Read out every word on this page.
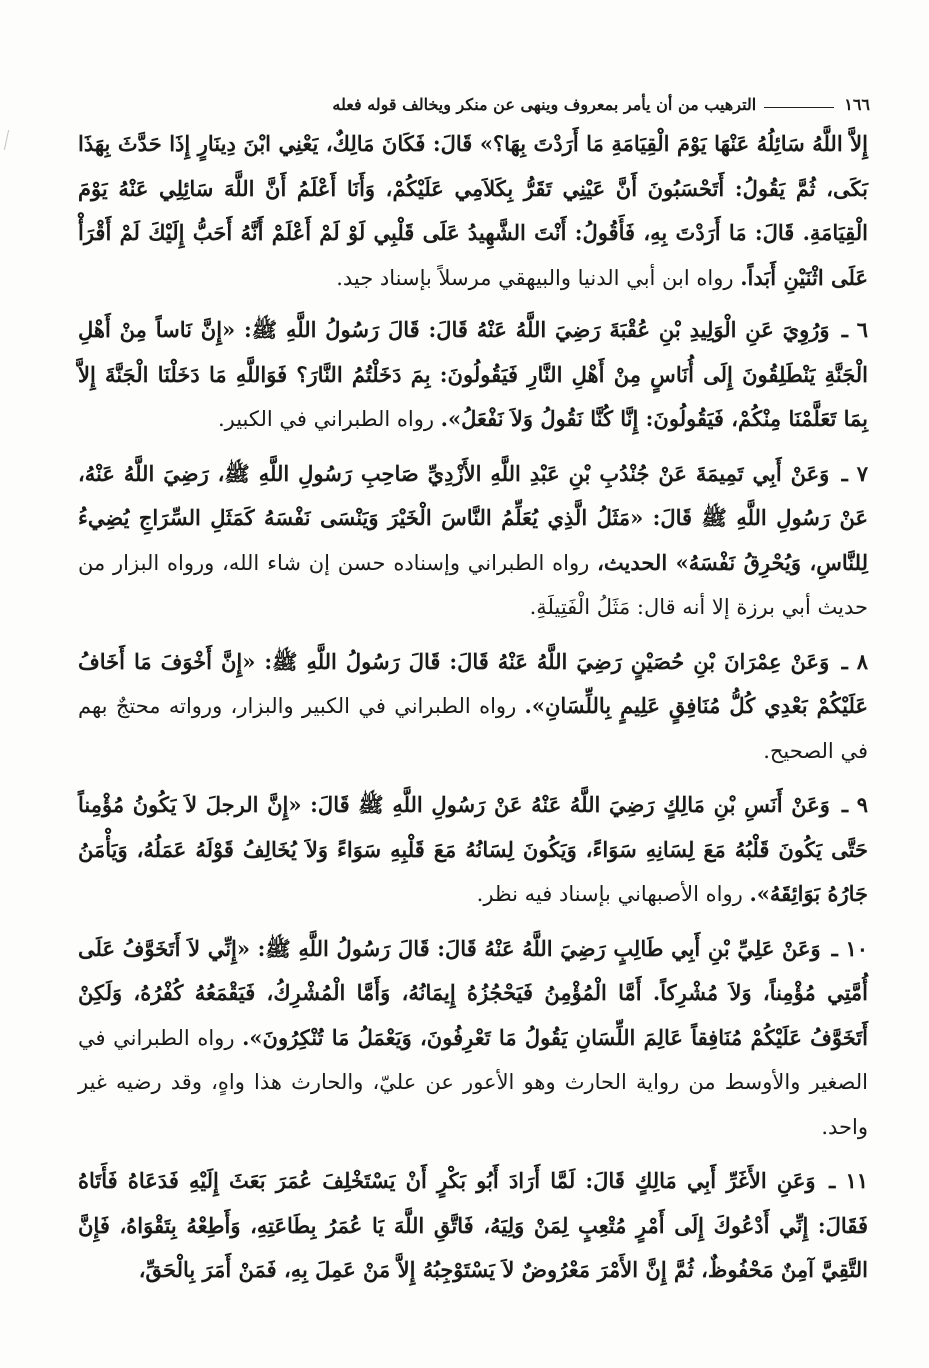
١٦٦
الترهيب من أن يأمر بمعروف وينهى عن منكر ويخالف قوله فعله

إِلاَّ اللَّهُ سَائِلُهُ عَنْهَا يَوْمَ الْقِيَامَةِ مَا أَرَدْتَ بِهَا؟» قَالَ: فَكَانَ مَالِكٌ، يَعْنِي ابْنَ دِينَارٍ إِذَا حَدَّثَ بِهَذَا بَكَى، ثُمَّ يَقُولُ: أَتَحْسَبُونَ أَنَّ عَيْنِي تَقَرُّ بِكَلاَمِي عَلَيْكُمْ، وَأَنَا أَعْلَمُ أَنَّ اللَّهَ سَائِلِي عَنْهُ يَوْمَ الْقِيَامَةِ. قَالَ: مَا أَرَدْتَ بِهِ، فَأَقُولُ: أَنْتَ الشَّهِيدُ عَلَى قَلْبِي لَوْ لَمْ أَعْلَمْ أَنَّهُ أَحَبُّ إِلَيْكَ لَمْ أَقْرَأْ عَلَى اثْنَيْنِ أَبَداً. رواه ابن أبي الدنيا والبيهقي مرسلاً بإسناد جيد.

٦ ـ وَرُوِيَ عَنِ الْوَلِيدِ بْنِ عُقْبَةَ رَضِيَ اللَّهُ عَنْهُ قَالَ: قَالَ رَسُولُ اللَّهِ ﷺ: «إِنَّ نَاساً مِنْ أَهْلِ الْجَنَّةِ يَنْطَلِقُونَ إِلَى أُنَاسٍ مِنْ أَهْلِ النَّارِ فَيَقُولُونَ: بِمَ دَخَلْتُمُ النَّارَ؟ فَوَاللَّهِ مَا دَخَلْنَا الْجَنَّةَ إِلاَّ بِمَا تَعَلَّمْنَا مِنْكُمْ، فَيَقُولُونَ: إِنَّا كُنَّا نَقُولُ وَلاَ نَفْعَلُ». رواه الطبراني في الكبير.

٧ ـ وَعَنْ أَبِي تَمِيمَةَ عَنْ جُنْدُبِ بْنِ عَبْدِ اللَّهِ الأَزْدِيِّ صَاحِبِ رَسُولِ اللَّهِ ﷺ، رَضِيَ اللَّهُ عَنْهُ، عَنْ رَسُولِ اللَّهِ ﷺ قَالَ: «مَثَلُ الَّذِي يُعَلِّمُ النَّاسَ الْخَيْرَ وَيَنْسَى نَفْسَهُ كَمَثَلِ السِّرَاجِ يُضِيءُ لِلنَّاسِ، وَيُحْرِقُ نَفْسَهُ» الحديث، رواه الطبراني وإسناده حسن إن شاء الله، ورواه البزار من حديث أبي برزة إلا أنه قال: مَثَلُ الْفَتِيلَةِ.

٨ ـ وَعَنْ عِمْرَانَ بْنِ حُصَيْنٍ رَضِيَ اللَّهُ عَنْهُ قَالَ: قَالَ رَسُولُ اللَّهِ ﷺ: «إِنَّ أَخْوَفَ مَا أَخَافُ عَلَيْكُمْ بَعْدِي كُلُّ مُنَافِقٍ عَلِيمٍ بِاللِّسَانِ». رواه الطبراني في الكبير والبزار، ورواته محتجٌ بهم في الصحيح.

٩ ـ وَعَنْ أَنَسِ بْنِ مَالِكٍ رَضِيَ اللَّهُ عَنْهُ عَنْ رَسُولِ اللَّهِ ﷺ قَالَ: «إِنَّ الرجلَ لاَ يَكُونُ مُؤْمِناً حَتَّى يَكُونَ قَلْبُهُ مَعَ لِسَانِهِ سَوَاءً، وَيَكُونَ لِسَانُهُ مَعَ قَلْبِهِ سَوَاءً وَلاَ يُخَالِفُ قَوْلَهُ عَمَلُهُ، وَيَأْمَنُ جَارُهُ بَوَائِقَهُ». رواه الأصبهاني بإسناد فيه نظر.

١٠ ـ وَعَنْ عَلِيِّ بْنِ أَبِي طَالِبٍ رَضِيَ اللَّهُ عَنْهُ قَالَ: قَالَ رَسُولُ اللَّهِ ﷺ: «إِنِّي لاَ أَتَخَوَّفُ عَلَى أُمَّتِي مُؤْمِناً، وَلاَ مُشْرِكاً. أَمَّا الْمُؤْمِنُ فَيَحْجُزُهُ إِيمَانُهُ، وَأَمَّا الْمُشْرِكُ، فَيَقْمَعُهُ كُفْرُهُ، وَلَكِنْ أَتَخَوَّفُ عَلَيْكُمْ مُنَافِقاً عَالِمَ اللِّسَانِ يَقُولُ مَا تَعْرِفُونَ، وَيَعْمَلُ مَا تُنْكِرُونَ». رواه الطبراني في الصغير والأوسط من رواية الحارث وهو الأعور عن عليّ، والحارث هذا واهٍ، وقد رضيه غير واحد.

١١ ـ وَعَنِ الأَغَرِّ أَبِي مَالِكٍ قَالَ: لَمَّا أَرَادَ أَبُو بَكْرٍ أَنْ يَسْتَخْلِفَ عُمَرَ بَعَثَ إِلَيْهِ فَدَعَاهُ فَأَتَاهُ فَقَالَ: إِنِّي أَدْعُوكَ إِلَى أَمْرٍ مُتْعِبٍ لِمَنْ وَلِيَهُ، فَاتَّقِ اللَّهَ يَا عُمَرُ بِطَاعَتِهِ، وَأَطِعْهُ بِتَقْوَاهُ، فَإِنَّ التَّقِيَّ آمِنٌ مَحْفُوظٌ، ثُمَّ إِنَّ الأَمْرَ مَعْرُوضٌ لاَ يَسْتَوْجِبُهُ إِلاَّ مَنْ عَمِلَ بِهِ، فَمَنْ أَمَرَ بِالْحَقِّ،
